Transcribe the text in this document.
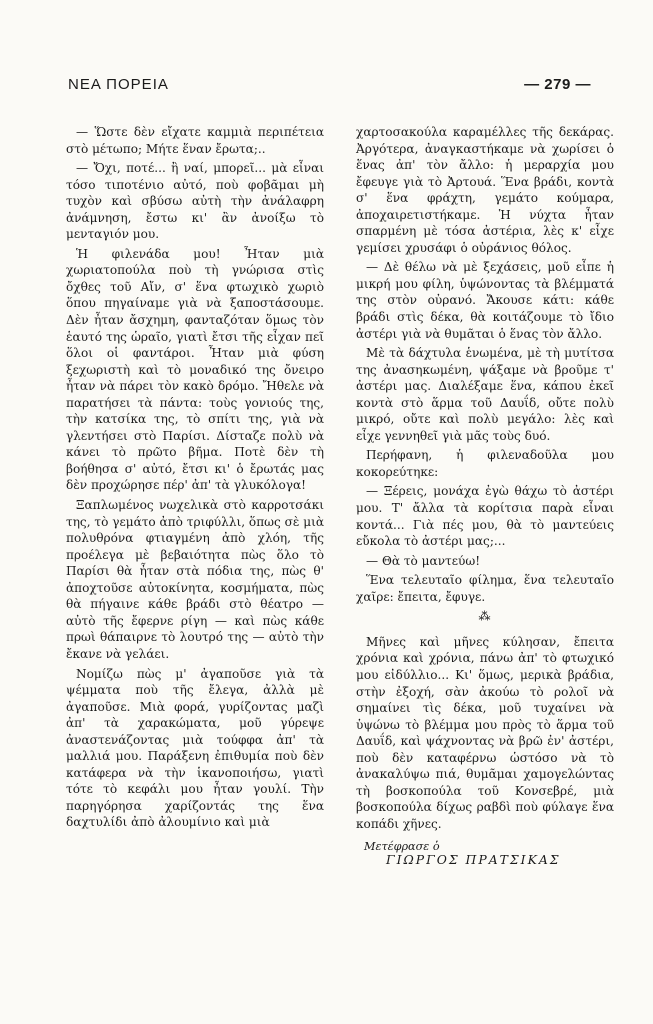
ΝΕΑ ΠΟΡΕΙΑ	— 279 —

— Ὥστε δὲν εἴχατε καμμιὰ περιπέτεια στὸ μέτωπο; Μήτε ἕναν ἔρωτα;..

— Ὄχι, ποτέ... ἢ ναί, μπορεῖ... μὰ εἶναι τόσο τιποτένιο αὐτό, ποὺ φοβᾶμαι μὴ τυχὸν καὶ σβύσω αὐτὴ τὴν ἀνάλαφρη ἀνάμνηση, ἔστω κι' ἂν ἀνοίξω τὸ μενταγιόν μου.

Ἡ φιλενάδα μου! Ἦταν μιὰ χωριατοπούλα ποὺ τὴ γνώρισα στὶς ὄχθες τοῦ Αἴν, σ' ἕνα φτωχικὸ χωριὸ ὅπου πηγαίναμε γιὰ νὰ ξαποστάσουμε. Δὲν ἦταν ἄσχημη, φανταζόταν ὅμως τὸν ἑαυτό της ὡραῖο, γιατὶ ἔτσι τῆς εἶχαν πεῖ ὅλοι οἱ φαντάροι. Ἦταν μιὰ φύση ξεχωριστὴ καὶ τὸ μοναδικό της ὄνειρο ἦταν νὰ πάρει τὸν κακὸ δρόμο. Ἤθελε νὰ παρατήσει τὰ πάντα: τοὺς γονιούς της, τὴν κατσίκα της, τὸ σπίτι της, γιὰ νὰ γλεντήσει στὸ Παρίσι. Δίσταζε πολὺ νὰ κάνει τὸ πρῶτο βῆμα. Ποτὲ δὲν τὴ βοήθησα σ' αὐτό, ἔτσι κι' ὁ ἔρωτάς μας δὲν προχώρησε πέρ' ἀπ' τὰ γλυκόλογα!

Ξαπλωμένος νωχελικὰ στὸ καρροτσάκι της, τὸ γεμάτο ἀπὸ τριφύλλι, ὅπως σὲ μιὰ πολυθρόνα φτιαγμένη ἀπὸ χλόη, τῆς προέλεγα μὲ βεβαιότητα πὼς ὅλο τὸ Παρίσι θὰ ἦταν στὰ πόδια της, πὼς θ' ἀποχτοῦσε αὐτοκίνητα, κοσμήματα, πὼς θὰ πήγαινε κάθε βράδι στὸ θέατρο — αὐτὸ τῆς ἔφερνε ρίγη — καὶ πὼς κάθε πρωὶ θάπαιρνε τὸ λουτρό της — αὐτὸ τὴν ἔκανε νὰ γελάει.

Νομίζω πὼς μ' ἀγαποῦσε γιὰ τὰ ψέμματα ποὺ τῆς ἔλεγα, ἀλλὰ μὲ ἀγαποῦσε. Μιὰ φορά, γυρίζοντας μαζὶ ἀπ' τὰ χαρακώματα, μοῦ γύρεψε ἀναστενάζοντας μιὰ τούφφα ἀπ' τὰ μαλλιά μου. Παράξενη ἐπιθυμία ποὺ δὲν κατάφερα νὰ τὴν ἱκανοποιήσω, γιατὶ τότε τὸ κεφάλι μου ἦταν γουλί. Τὴν παρηγόρησα χαρίζοντάς της ἕνα δαχτυλίδι ἀπὸ ἀλουμίνιο καὶ μιὰ

χαρτοσακούλα καραμέλλες τῆς δεκάρας. Ἀργότερα, ἀναγκαστήκαμε νὰ χωρίσει ὁ ἕνας ἀπ' τὸν ἄλλο: ἡ μεραρχία μου ἔφευγε γιὰ τὸ Ἀρτουά. Ἕνα βράδι, κοντὰ σ' ἕνα φράχτη, γεμάτο κούμαρα, ἀποχαιρετιστήκαμε. Ἡ νύχτα ἦταν σπαρμένη μὲ τόσα ἀστέρια, λὲς κ' εἶχε γεμίσει χρυσάφι ὁ οὐράνιος θόλος.

— Δὲ θέλω νὰ μὲ ξεχάσεις, μοῦ εἶπε ἡ μικρή μου φίλη, ὑψώνοντας τὰ βλέμματά της στὸν οὐρανό. Ἄκουσε κάτι: κάθε βράδι στὶς δέκα, θὰ κοιτάζουμε τὸ ἴδιο ἀστέρι γιὰ νὰ θυμᾶται ὁ ἕνας τὸν ἄλλο.

Μὲ τὰ δάχτυλα ἑνωμένα, μὲ τὴ μυτίτσα της ἀνασηκωμένη, ψάξαμε νὰ βροῦμε τ' ἀστέρι μας. Διαλέξαμε ἕνα, κάπου ἐκεῖ κοντὰ στὸ ἅρμα τοῦ Δαυΐδ, οὔτε πολὺ μικρό, οὔτε καὶ πολὺ μεγάλο: λὲς καὶ εἶχε γεννηθεῖ γιὰ μᾶς τοὺς δυό.

Περήφανη, ἡ φιλεναδοῦλα μου κοκορεύτηκε:

— Ξέρεις, μονάχα ἐγὼ θάχω τὸ ἀστέρι μου. Τ' ἄλλα τὰ κορίτσια παρὰ εἶναι κοντά... Γιὰ πές μου, θὰ τὸ μαντεύεις εὔκολα τὸ ἀστέρι μας;...

— Θὰ τὸ μαντεύω!

Ἕνα τελευταῖο φίλημα, ἕνα τελευταῖο χαῖρε: ἔπειτα, ἔφυγε.

⁂

Μῆνες καὶ μῆνες κύλησαν, ἔπειτα χρόνια καὶ χρόνια, πάνω ἀπ' τὸ φτωχικό μου εἰδύλλιο... Κι' ὅμως, μερικὰ βράδια, στὴν ἐξοχή, σὰν ἀκούω τὸ ρολοῖ νὰ σημαίνει τὶς δέκα, μοῦ τυχαίνει νὰ ὑψώνω τὸ βλέμμα μου πρὸς τὸ ἅρμα τοῦ Δαυΐδ, καὶ ψάχνοντας νὰ βρῶ ἐν' ἀστέρι, ποὺ δὲν καταφέρνω ὡστόσο νὰ τὸ ἀνακαλύψω πιά, θυμᾶμαι χαμογελώντας τὴ βοσκοπούλα τοῦ Κονσεβρέ, μιὰ βοσκοπούλα δίχως ραβδὶ ποὺ φύλαγε ἕνα κοπάδι χῆνες.

Μετέφρασε ὁ
ΓΙΩΡΓΟΣ ΠΡΑΤΣΙΚΑΣ
